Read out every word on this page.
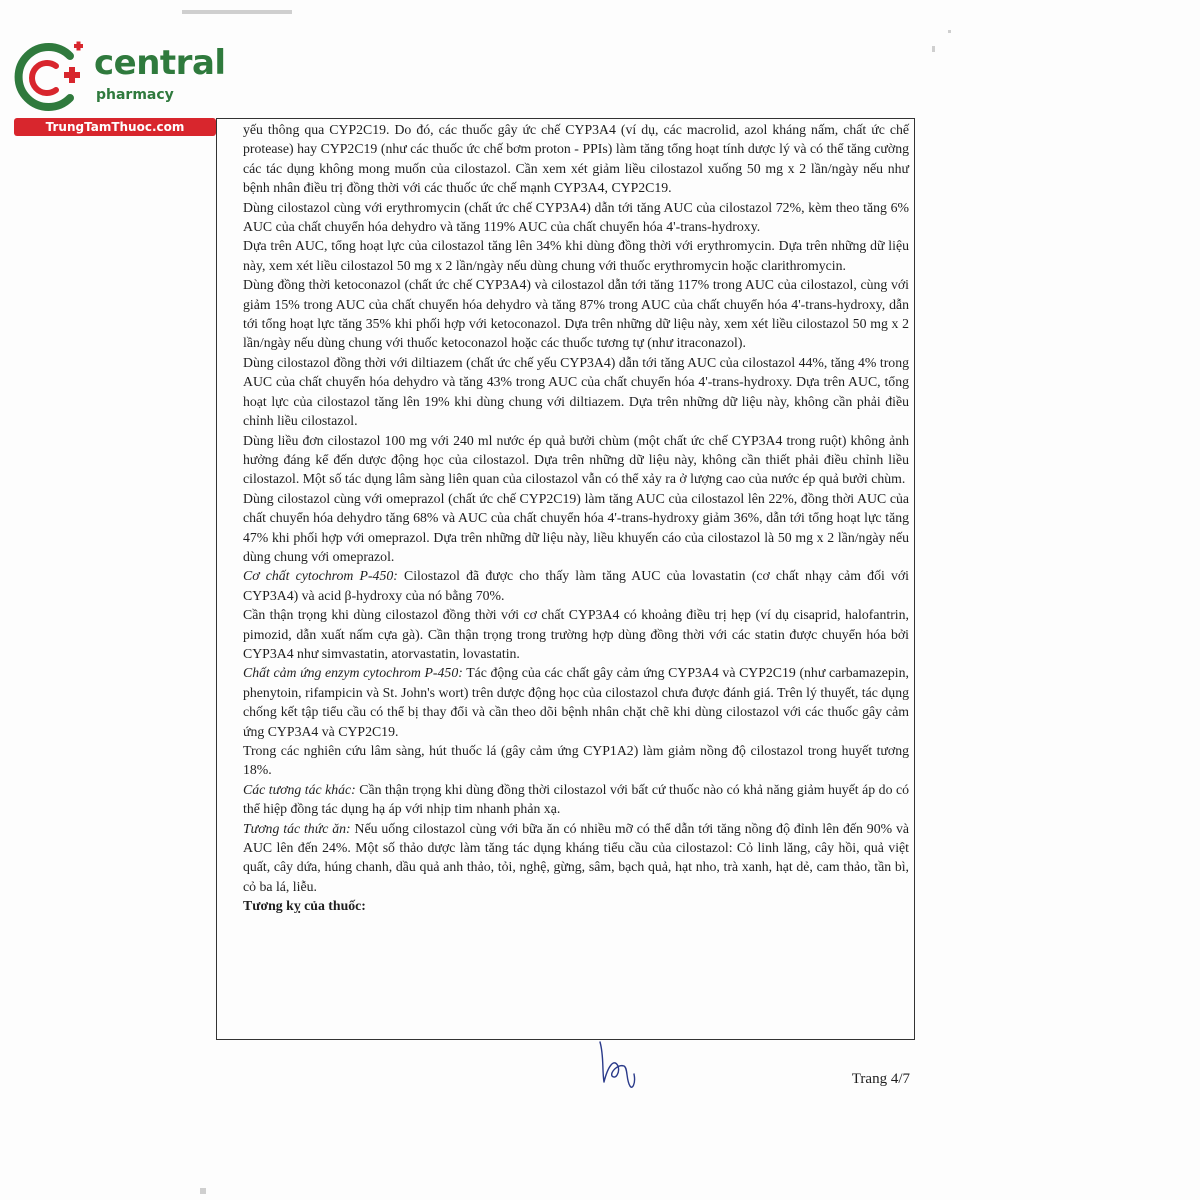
central
pharmacy
TrungTamThuoc.com	yếu thông qua CYP2C19. Do đó, các thuốc gây ức chế CYP3A4 (ví dụ, các macrolid, azol kháng nấm, chất ức chế protease) hay CYP2C19 (như các thuốc ức chế bơm proton - PPIs) làm tăng tổng hoạt tính dược lý và có thể tăng cường các tác dụng không mong muốn của cilostazol. Cần xem xét giảm liều cilostazol xuống 50 mg x 2 lần/ngày nếu như bệnh nhân điều trị đồng thời với các thuốc ức chế mạnh CYP3A4, CYP2C19.

Dùng cilostazol cùng với erythromycin (chất ức chế CYP3A4) dẫn tới tăng AUC của cilostazol 72%, kèm theo tăng 6% AUC của chất chuyển hóa dehydro và tăng 119% AUC của chất chuyển hóa 4'-trans-hydroxy.

Dựa trên AUC, tổng hoạt lực của cilostazol tăng lên 34% khi dùng đồng thời với erythromycin. Dựa trên những dữ liệu này, xem xét liều cilostazol 50 mg x 2 lần/ngày nếu dùng chung với thuốc erythromycin hoặc clarithromycin.

Dùng đồng thời ketoconazol (chất ức chế CYP3A4) và cilostazol dẫn tới tăng 117% trong AUC của cilostazol, cùng với giảm 15% trong AUC của chất chuyển hóa dehydro và tăng 87% trong AUC của chất chuyển hóa 4'-trans-hydroxy, dẫn tới tổng hoạt lực tăng 35% khi phối hợp với ketoconazol. Dựa trên những dữ liệu này, xem xét liều cilostazol 50 mg x 2 lần/ngày nếu dùng chung với thuốc ketoconazol hoặc các thuốc tương tự (như itraconazol).

Dùng cilostazol đồng thời với diltiazem (chất ức chế yếu CYP3A4) dẫn tới tăng AUC của cilostazol 44%, tăng 4% trong AUC của chất chuyển hóa dehydro và tăng 43% trong AUC của chất chuyển hóa 4'-trans-hydroxy. Dựa trên AUC, tổng hoạt lực của cilostazol tăng lên 19% khi dùng chung với diltiazem. Dựa trên những dữ liệu này, không cần phải điều chỉnh liều cilostazol.

Dùng liều đơn cilostazol 100 mg với 240 ml nước ép quả bưởi chùm (một chất ức chế CYP3A4 trong ruột) không ảnh hưởng đáng kể đến dược động học của cilostazol. Dựa trên những dữ liệu này, không cần thiết phải điều chỉnh liều cilostazol. Một số tác dụng lâm sàng liên quan của cilostazol vẫn có thể xảy ra ở lượng cao của nước ép quả bưởi chùm.

Dùng cilostazol cùng với omeprazol (chất ức chế CYP2C19) làm tăng AUC của cilostazol lên 22%, đồng thời AUC của chất chuyển hóa dehydro tăng 68% và AUC của chất chuyển hóa 4'-trans-hydroxy giảm 36%, dẫn tới tổng hoạt lực tăng 47% khi phối hợp với omeprazol. Dựa trên những dữ liệu này, liều khuyến cáo của cilostazol là 50 mg x 2 lần/ngày nếu dùng chung với omeprazol.

Cơ chất cytochrom P-450: Cilostazol đã được cho thấy làm tăng AUC của lovastatin (cơ chất nhạy cảm đối với CYP3A4) và acid β-hydroxy của nó bằng 70%.

Cần thận trọng khi dùng cilostazol đồng thời với cơ chất CYP3A4 có khoảng điều trị hẹp (ví dụ cisaprid, halofantrin, pimozid, dẫn xuất nấm cựa gà). Cần thận trọng trong trường hợp dùng đồng thời với các statin được chuyển hóa bởi CYP3A4 như simvastatin, atorvastatin, lovastatin.

Chất cảm ứng enzym cytochrom P-450: Tác động của các chất gây cảm ứng CYP3A4 và CYP2C19 (như carbamazepin, phenytoin, rifampicin và St. John's wort) trên dược động học của cilostazol chưa được đánh giá. Trên lý thuyết, tác dụng chống kết tập tiểu cầu có thể bị thay đổi và cần theo dõi bệnh nhân chặt chẽ khi dùng cilostazol với các thuốc gây cảm ứng CYP3A4 và CYP2C19.

Trong các nghiên cứu lâm sàng, hút thuốc lá (gây cảm ứng CYP1A2) làm giảm nồng độ cilostazol trong huyết tương 18%.

Các tương tác khác: Cần thận trọng khi dùng đồng thời cilostazol với bất cứ thuốc nào có khả năng giảm huyết áp do có thể hiệp đồng tác dụng hạ áp với nhịp tim nhanh phản xạ.

Tương tác thức ăn: Nếu uống cilostazol cùng với bữa ăn có nhiều mỡ có thể dẫn tới tăng nồng độ đỉnh lên đến 90% và AUC lên đến 24%. Một số thảo dược làm tăng tác dụng kháng tiểu cầu của cilostazol: Cỏ linh lăng, cây hồi, quả việt quất, cây dứa, húng chanh, dầu quả anh thảo, tỏi, nghệ, gừng, sâm, bạch quả, hạt nho, trà xanh, hạt dẻ, cam thảo, tần bì, cỏ ba lá, liễu.

Tương kỵ của thuốc:

Trang 4/7
